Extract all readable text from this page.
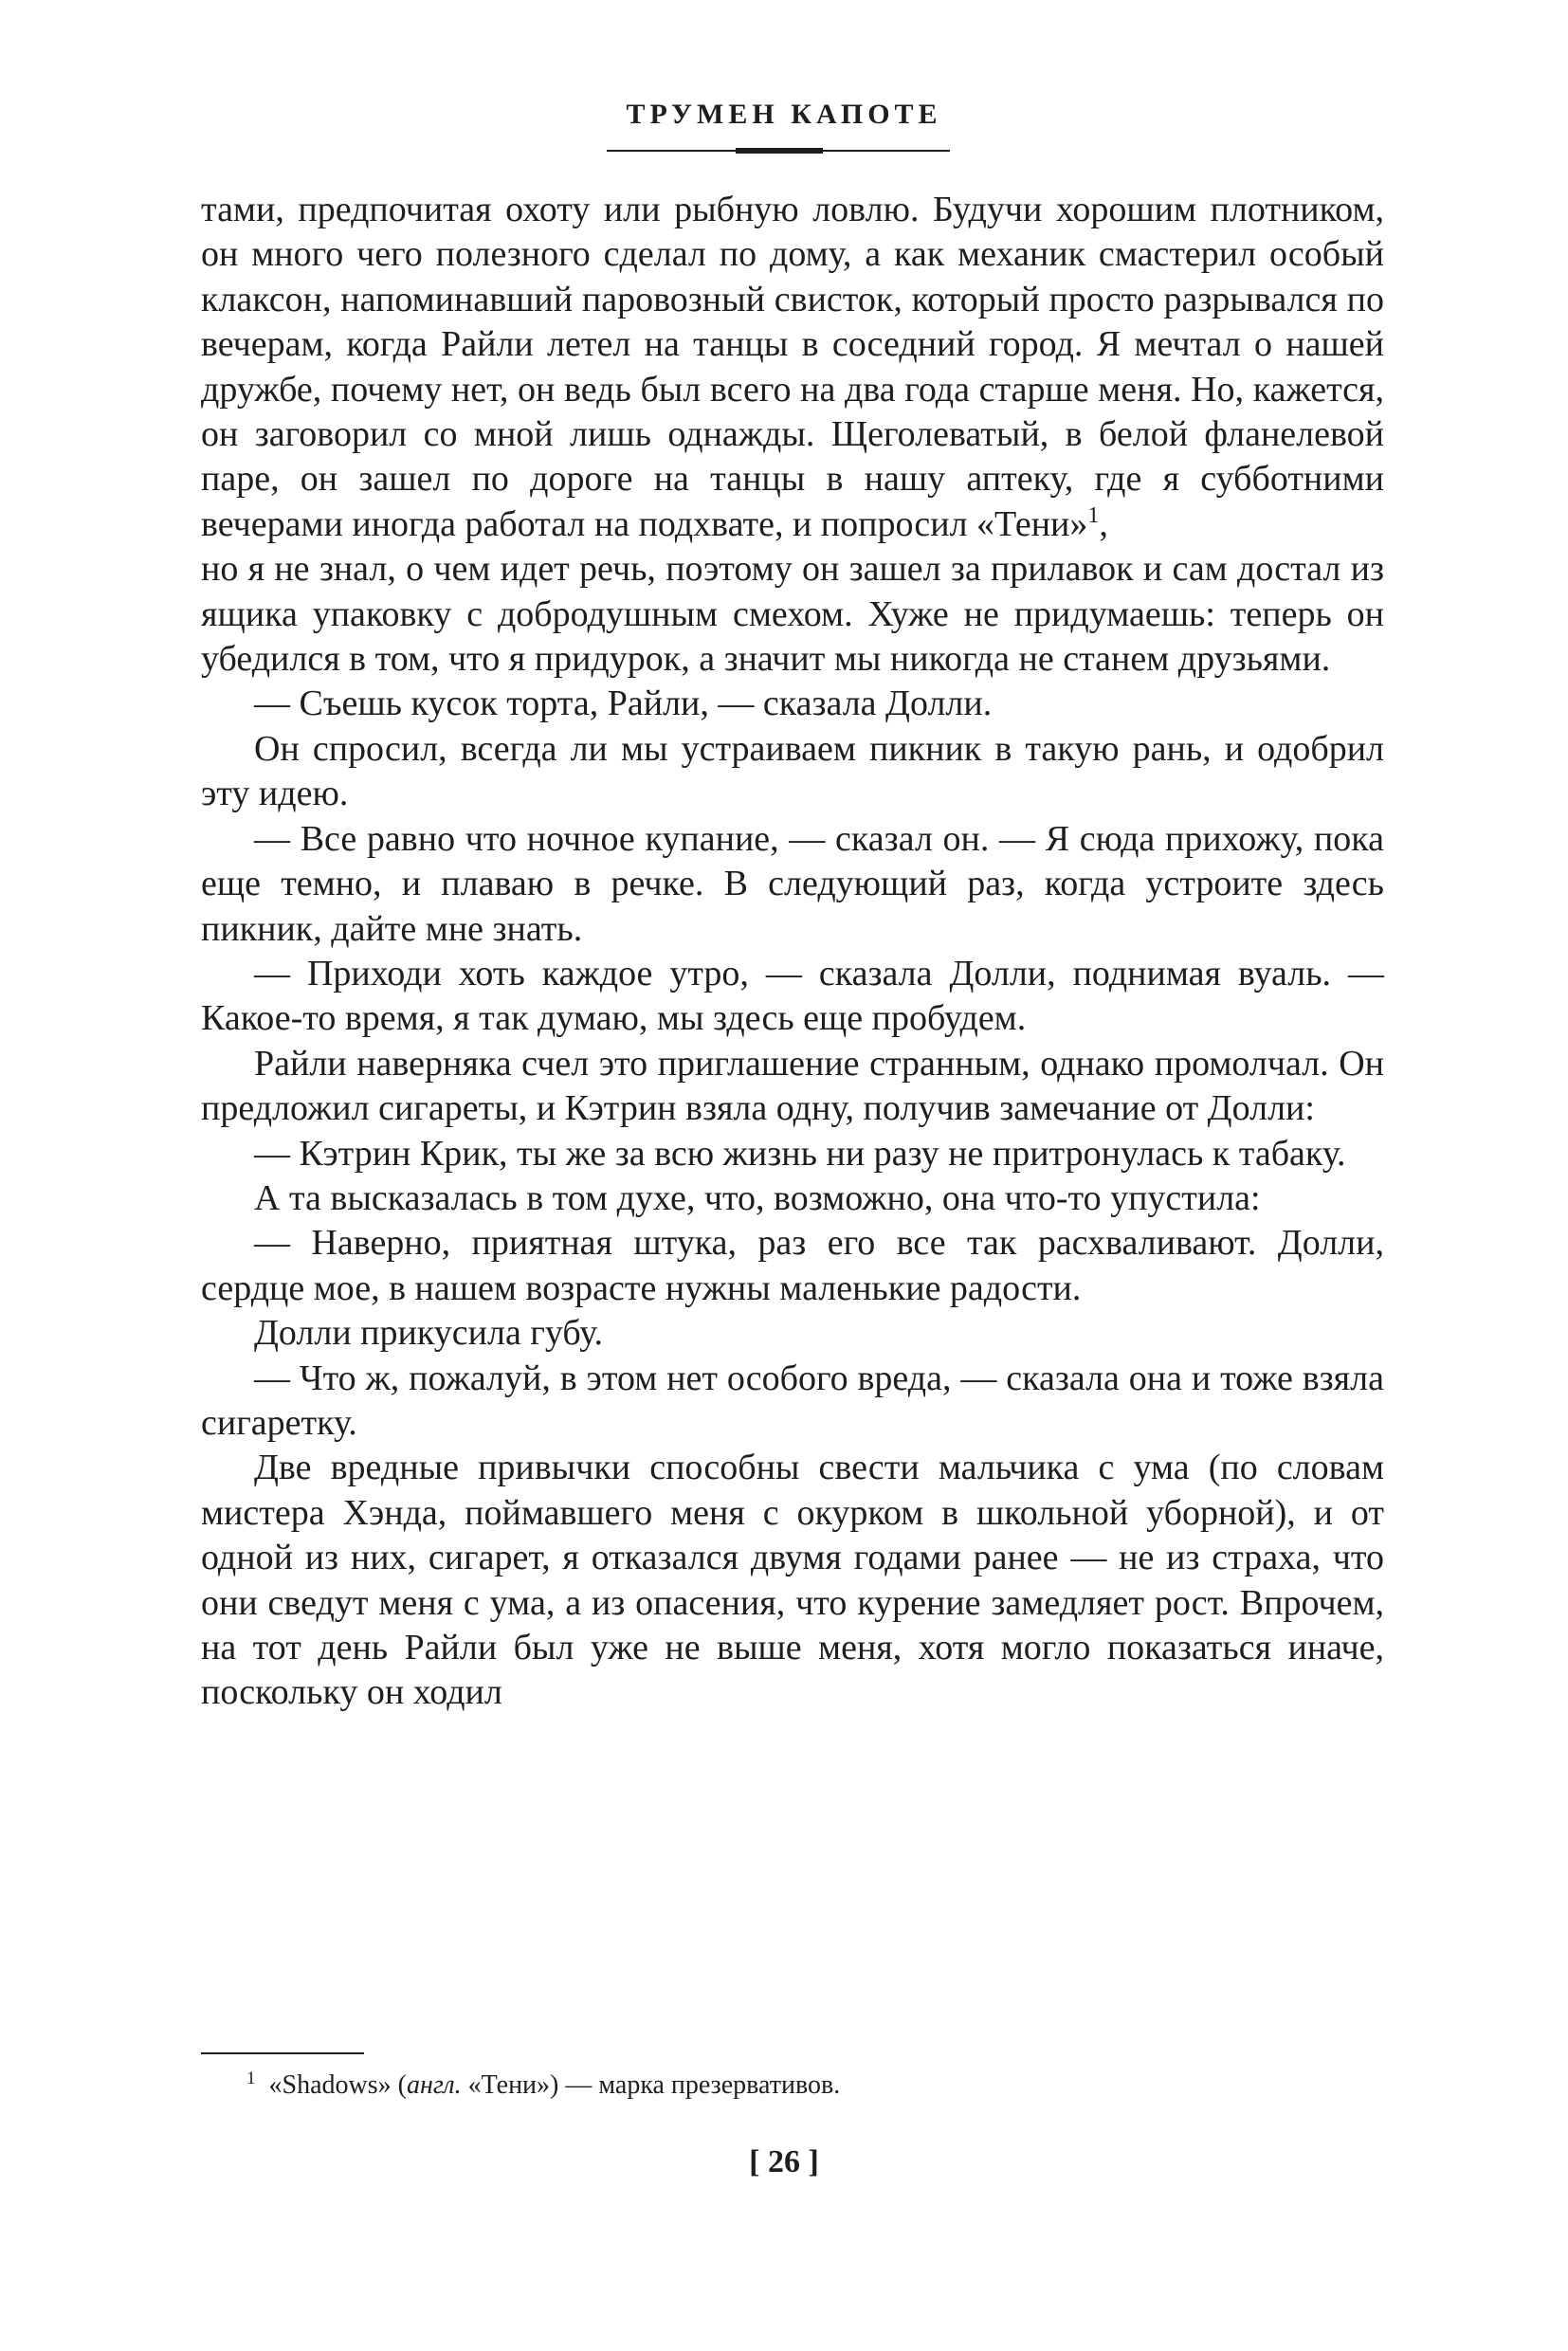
ТРУМЕН КАПОТЕ

тами, предпочитая охоту или рыбную ловлю. Будучи хорошим плотником, он много чего полезного сделал по дому, а как механик смастерил особый клаксон, напоминавший паровозный свисток, который просто разрывался по вечерам, когда Райли летел на танцы в соседний город. Я мечтал о нашей дружбе, почему нет, он ведь был всего на два года старше меня. Но, кажется, он заговорил со мной лишь однажды. Щеголеватый, в белой фланелевой паре, он зашел по дороге на танцы в нашу аптеку, где я субботними вечерами иногда работал на подхвате, и попросил «Тени»$^1$,

но я не знал, о чем идет речь, поэтому он зашел за прилавок и сам достал из ящика упаковку с добродушным смехом. Хуже не придумаешь: теперь он убедился в том, что я придурок, а значит мы никогда не станем друзьями.

— Съешь кусок торта, Райли, — сказала Долли.

Он спросил, всегда ли мы устраиваем пикник в такую рань, и одобрил эту идею.

— Все равно что ночное купание, — сказал он. — Я сюда прихожу, пока еще темно, и плаваю в речке. В следующий раз, когда устроите здесь пикник, дайте мне знать.

— Приходи хоть каждое утро, — сказала Долли, поднимая вуаль. — Какое-то время, я так думаю, мы здесь еще пробудем.

Райли наверняка счел это приглашение странным, однако промолчал. Он предложил сигареты, и Кэтрин взяла одну, получив замечание от Долли:

— Кэтрин Крик, ты же за всю жизнь ни разу не притронулась к табаку.

А та высказалась в том духе, что, возможно, она что-то упустила:

— Наверно, приятная штука, раз его все так расхваливают. Долли, сердце мое, в нашем возрасте нужны маленькие радости.

Долли прикусила губу.

— Что ж, пожалуй, в этом нет особого вреда, — сказала она и тоже взяла сигаретку.

Две вредные привычки способны свести мальчика с ума (по словам мистера Хэнда, поймавшего меня с окурком в школьной уборной), и от одной из них, сигарет, я отказался двумя годами ранее — не из страха, что они сведут меня с ума, а из опасения, что курение замедляет рост. Впрочем, на тот день Райли был уже не выше меня, хотя могло показаться иначе, поскольку он ходил

$^1$ «Shadows» (англ. «Тени») — марка презервативов.
[ 26 ]
